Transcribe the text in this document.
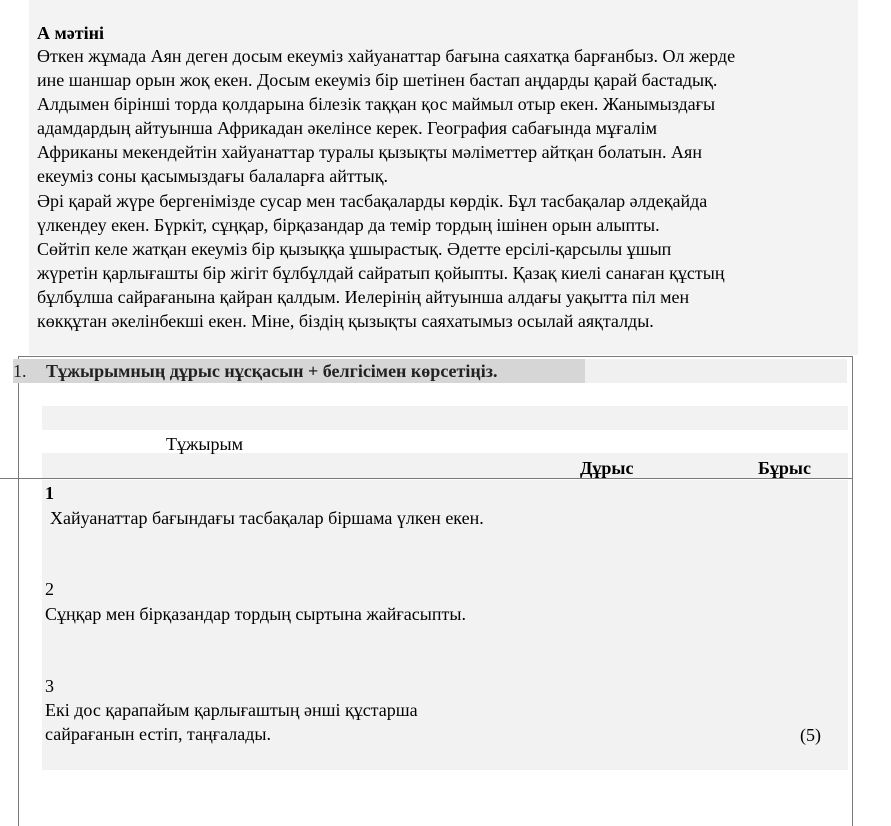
А мәтіні
Өткен жұмада Аян деген досым екеуміз хайуанаттар бағына саяхатқа барғанбыз. Ол жерде
ине шаншар орын жоқ екен. Досым екеуміз бір шетінен бастап аңдарды қарай бастадық.
Алдымен бірінші торда қолдарына білезік таққан қос маймыл отыр екен. Жанымыздағы
адамдардың айтуынша Африкадан әкелінсе керек. География сабағында мұғалім
Африканы мекендейтін хайуанаттар туралы қызықты мәліметтер айтқан болатын. Аян
екеуміз соны қасымыздағы балаларға айттық.
Әрі қарай жүре бергенімізде сусар мен тасбақаларды көрдік. Бұл тасбақалар әлдеқайда
үлкендеу екен. Бүркіт, сұңқар, бірқазандар да темір тордың ішінен орын алыпты.
Сөйтіп келе жатқан екеуміз бір қызыққа ұшырастық. Әдетте ерсілі-қарсылы ұшып
жүретін қарлығашты бір жігіт бұлбұлдай сайратып қойыпты. Қазақ киелі санаған құстың
бұлбұлша сайрағанына қайран қалдым. Иелерінің айтуынша алдағы уақытта піл мен
көкқұтан әкелінбекші екен. Міне, біздің қызықты саяхатымыз осылай аяқталды.
1. Тұжырымның дұрыс нұсқасын + белгісімен көрсетіңіз.
Тұжырым
Дұрыс	Бұрыс
1
Хайуанаттар бағындағы тасбақалар біршама үлкен екен.
2
Сұңқар мен бірқазандар тордың сыртына жайғасыпты.
3
Екі дос қарапайым қарлығаштың әнші құстарша
сайрағанын естіп, таңғалады.	(5)
